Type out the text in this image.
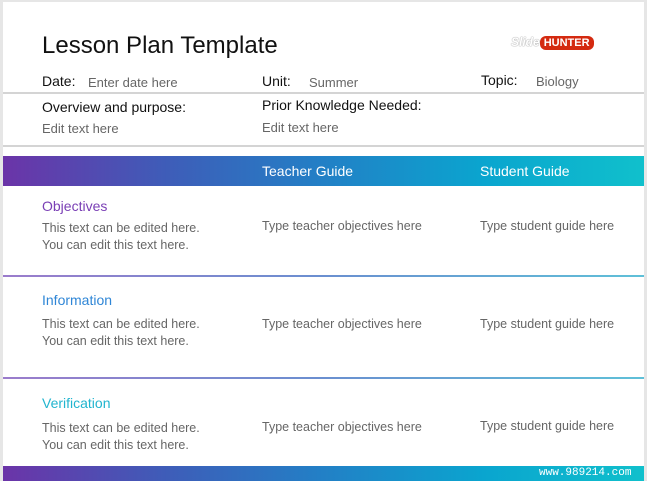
Lesson Plan Template	Slide HUNTER
Date: Enter date here	Unit: Summer	Topic: Biology
Overview and purpose:
Edit text here
Prior Knowledge Needed:
Edit text here
Teacher Guide	Student Guide
Objectives
This text can be edited here.
You can edit this text here.
Type teacher objectives here	Type student guide here
Information
This text can be edited here.
You can edit this text here.
Type teacher objectives here	Type student guide here
Verification
This text can be edited here.
You can edit this text here.
Type teacher objectives here	Type student guide here
www.989214.com
